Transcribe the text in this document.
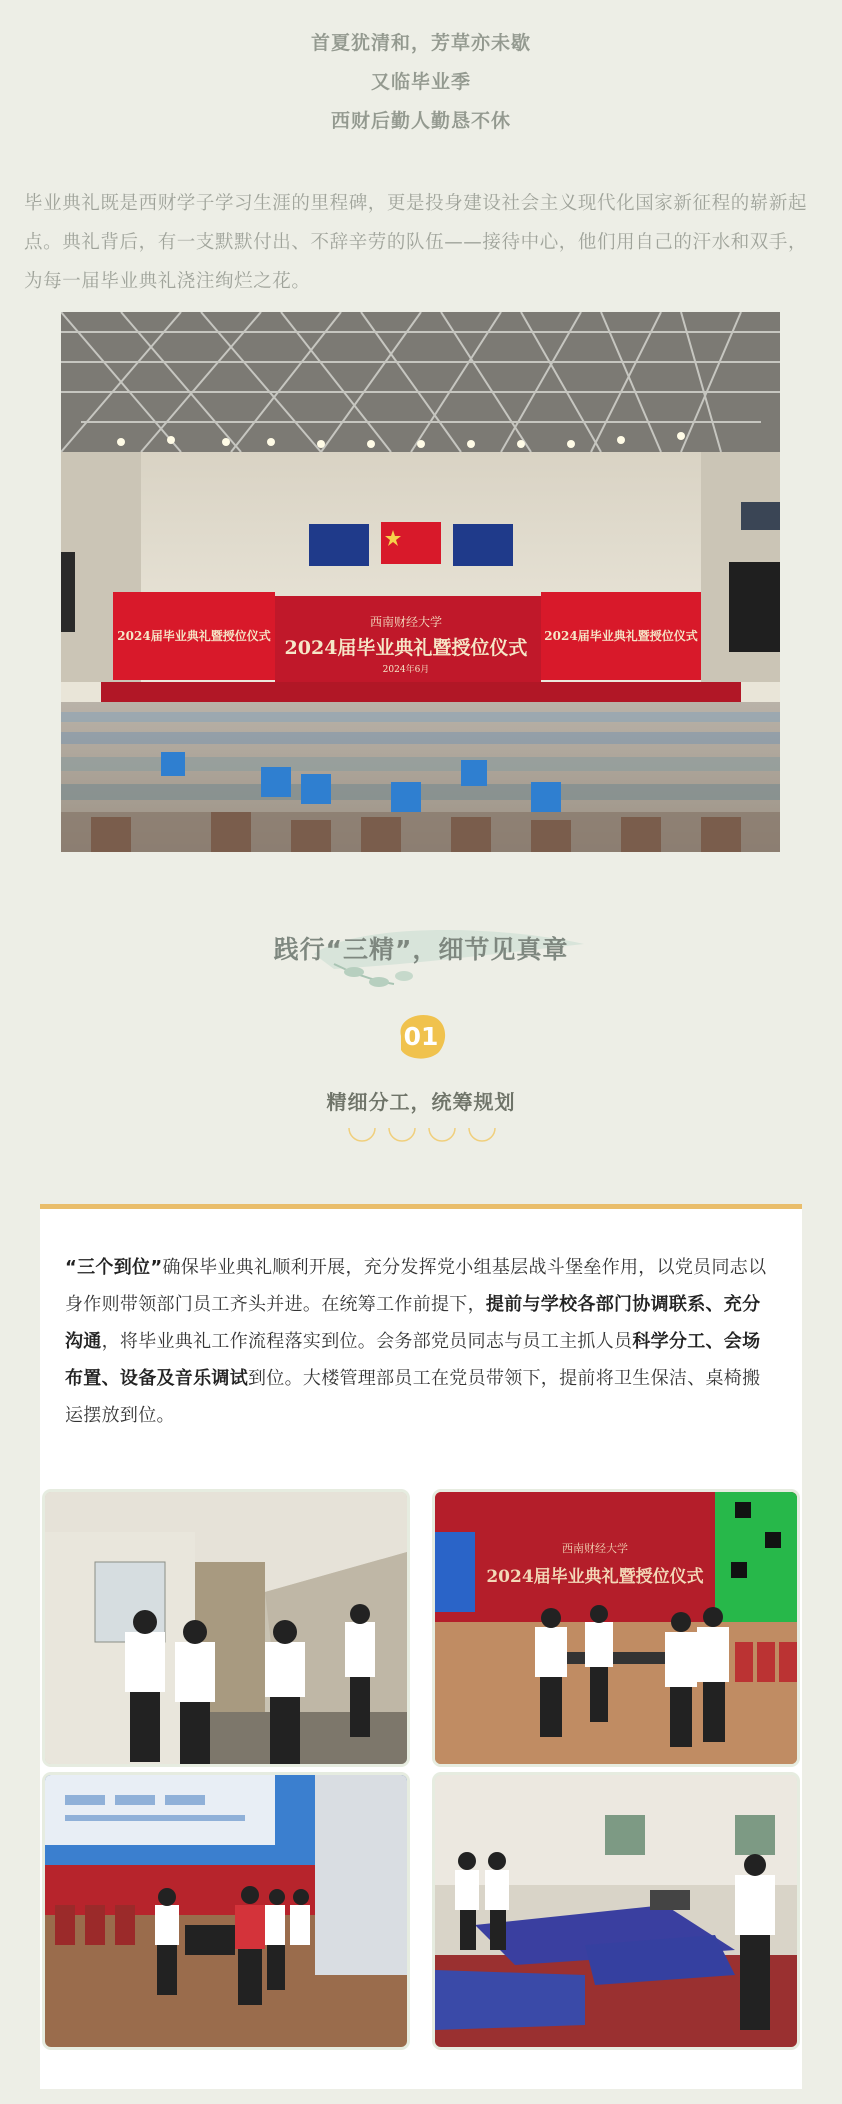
首夏犹清和，芳草亦未歇
又临毕业季
西财后勤人勤恳不休
毕业典礼既是西财学子学习生涯的里程碑，更是投身建设社会主义现代化国家新征程的崭新起点。典礼背后，有一支默默付出、不辞辛劳的队伍——接待中心，他们用自己的汗水和双手，为每一届毕业典礼浇注绚烂之花。
西南财经大学
2024届毕业典礼暨授位仪式
2024年6月
2024届毕业典礼暨授位仪式	2024届毕业典礼暨授位仪式
践行“三精”，细节见真章
01
精细分工，统筹规划
“三个到位”确保毕业典礼顺利开展，充分发挥党小组基层战斗堡垒作用，以党员同志以身作则带领部门员工齐头并进。在统筹工作前提下，提前与学校各部门协调联系、充分沟通，将毕业典礼工作流程落实到位。会务部党员同志与员工主抓人员科学分工、会场布置、设备及音乐调试到位。大楼管理部员工在党员带领下，提前将卫生保洁、桌椅搬运摆放到位。
西南财经大学
2024届毕业典礼暨授位仪式
